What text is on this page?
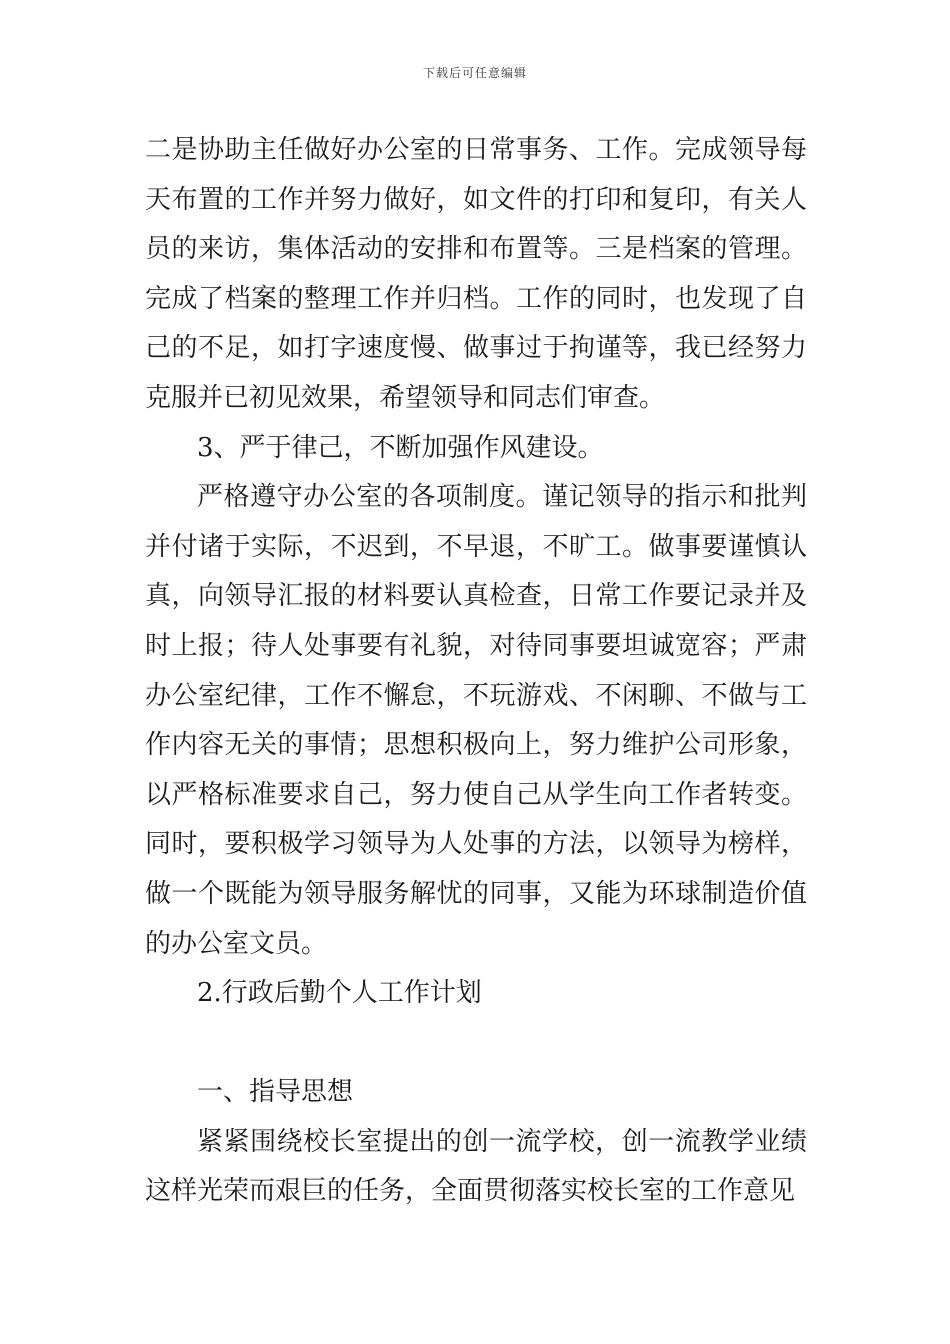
下载后可任意编辑

二是协助主任做好办公室的日常事务、工作。完成领导每天布置的工作并努力做好，如文件的打印和复印，有关人员的来访，集体活动的安排和布置等。三是档案的管理。完成了档案的整理工作并归档。工作的同时，也发现了自己的不足，如打字速度慢、做事过于拘谨等，我已经努力克服并已初见效果，希望领导和同志们审查。

3、严于律己，不断加强作风建设。

严格遵守办公室的各项制度。谨记领导的指示和批判并付诸于实际，不迟到，不早退，不旷工。做事要谨慎认真，向领导汇报的材料要认真检查，日常工作要记录并及时上报；待人处事要有礼貌，对待同事要坦诚宽容；严肃办公室纪律，工作不懈怠，不玩游戏、不闲聊、不做与工作内容无关的事情；思想积极向上，努力维护公司形象，以严格标准要求自己，努力使自己从学生向工作者转变。同时，要积极学习领导为人处事的方法，以领导为榜样，做一个既能为领导服务解忧的同事，又能为环球制造价值的办公室文员。

2.行政后勤个人工作计划

一、指导思想

紧紧围绕校长室提出的创一流学校，创一流教学业绩这样光荣而艰巨的任务，全面贯彻落实校长室的工作意见
